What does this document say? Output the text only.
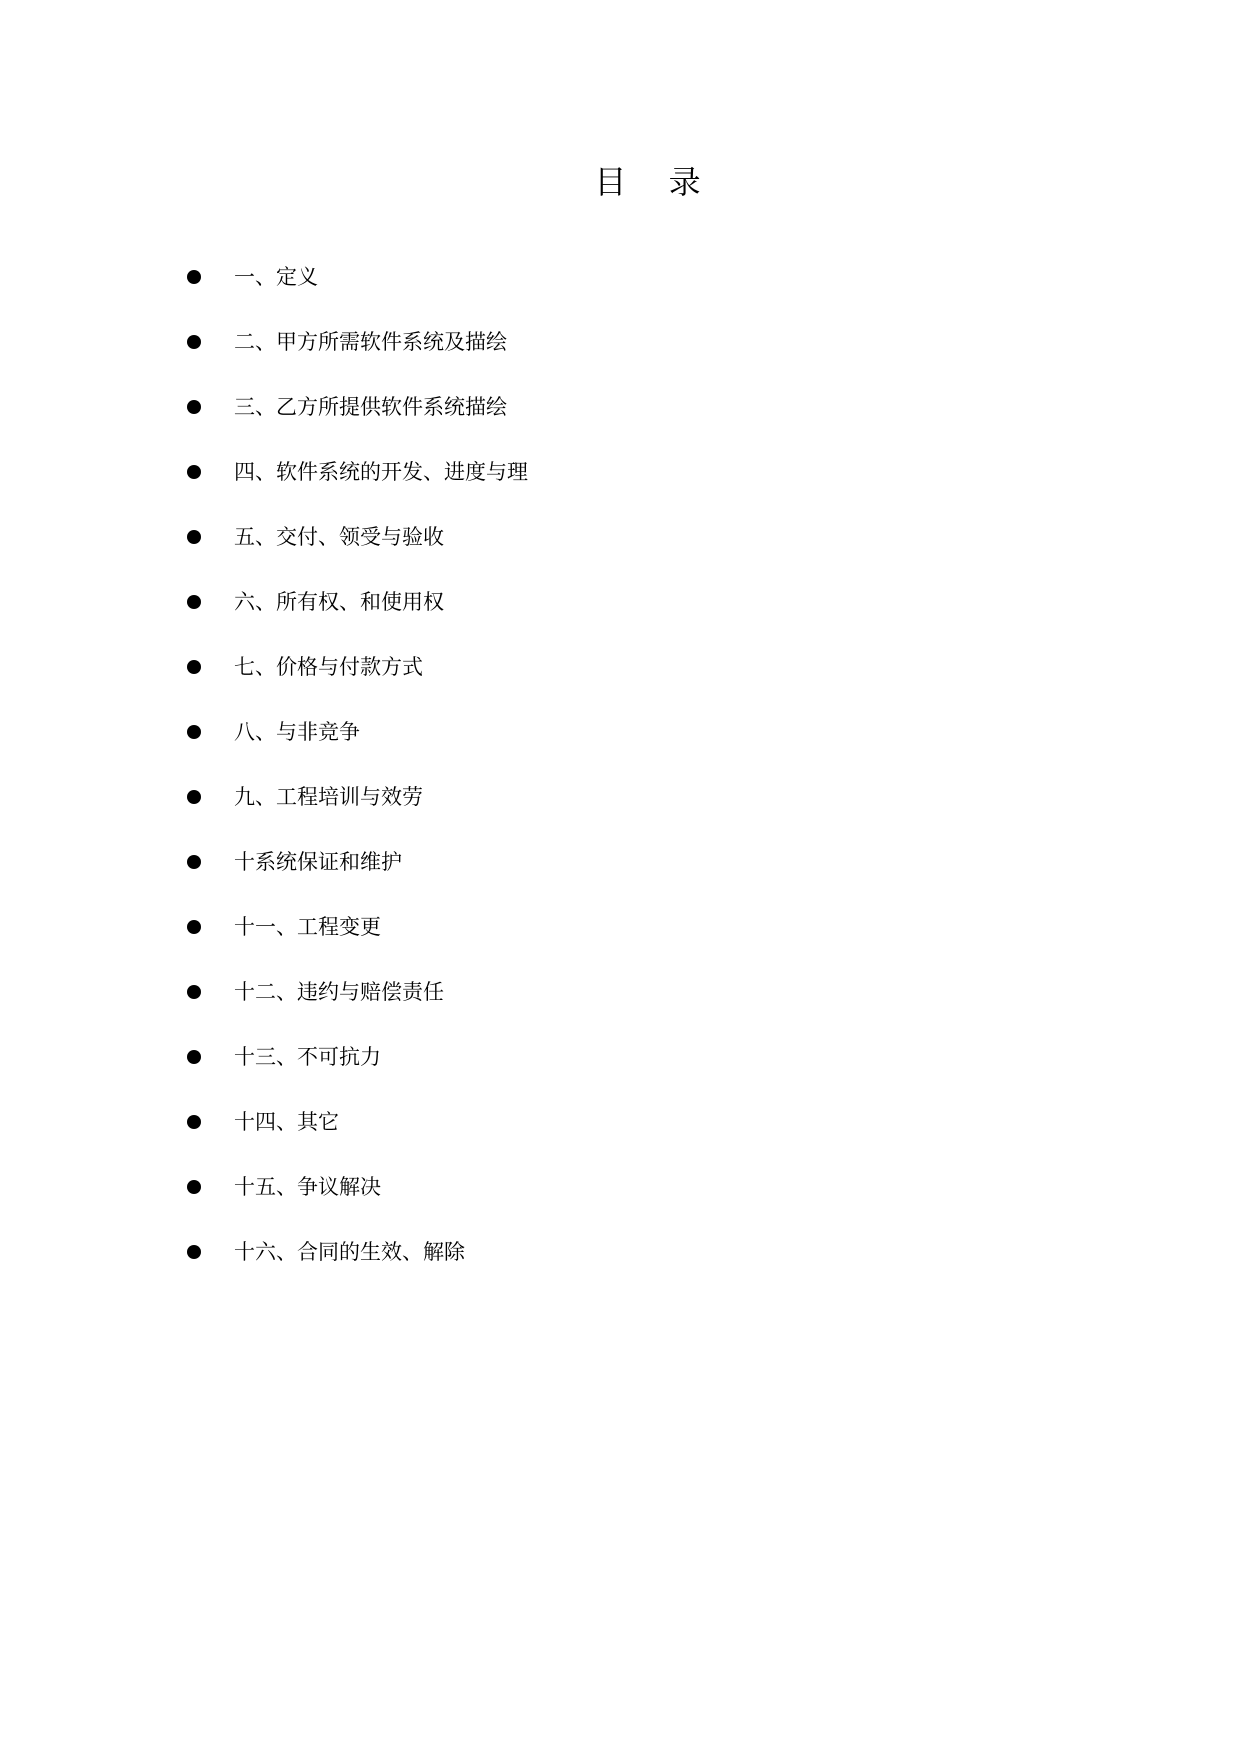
目 录
一、定义
二、甲方所需软件系统及描绘
三、乙方所提供软件系统描绘
四、软件系统的开发、进度与理
五、交付、领受与验收
六、所有权、和使用权
七、价格与付款方式
八、与非竞争
九、工程培训与效劳
十系统保证和维护
十一、工程变更
十二、违约与赔偿责任
十三、不可抗力
十四、其它
十五、争议解决
十六、合同的生效、解除
